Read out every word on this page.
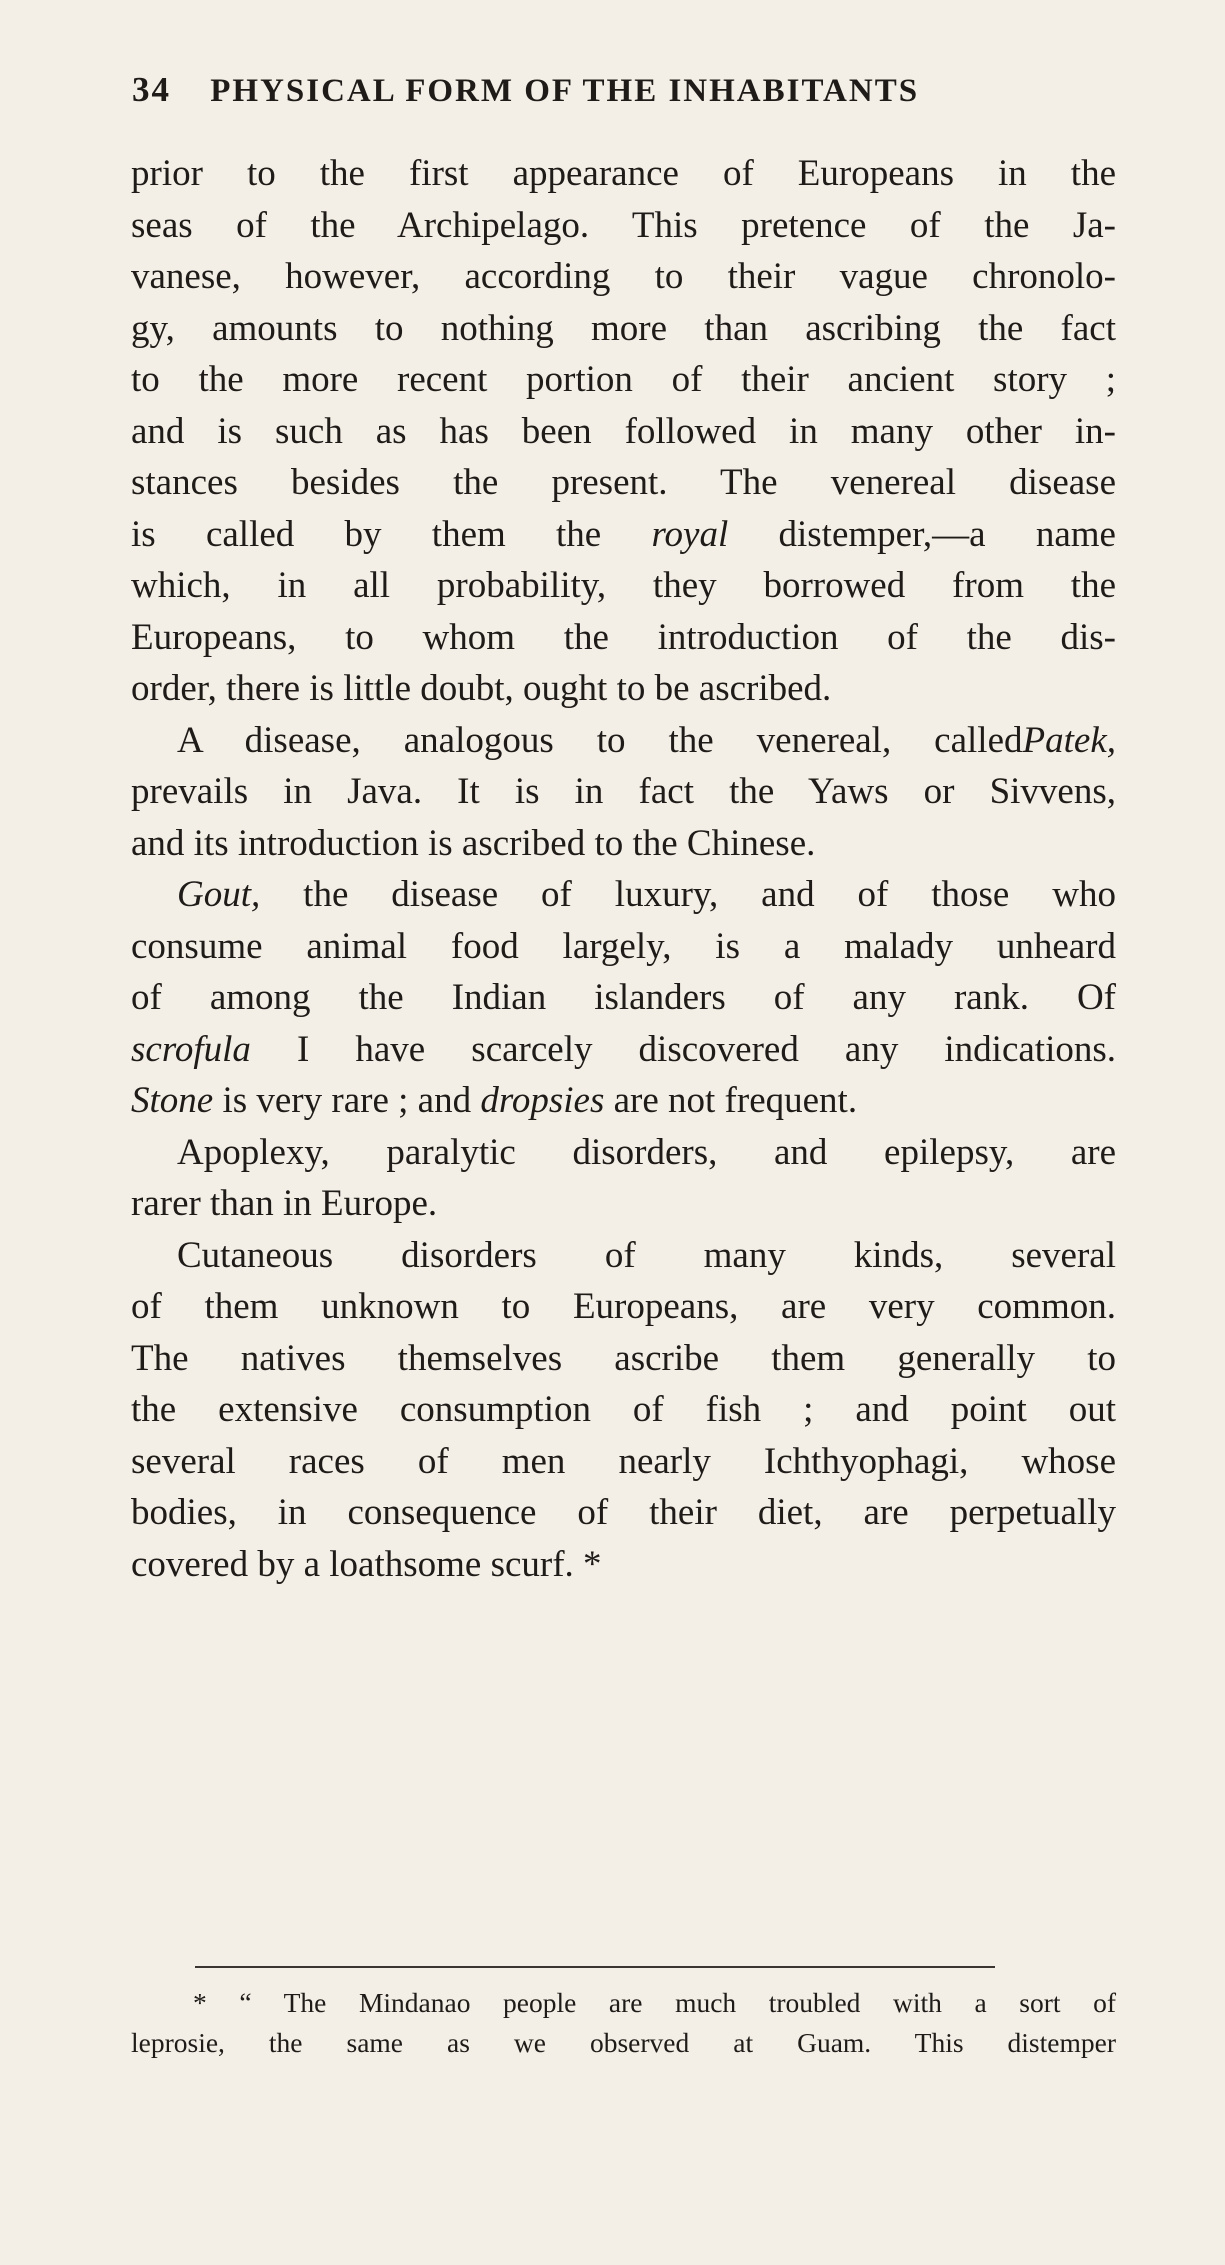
34 PHYSICAL FORM OF THE INHABITANTS
prior to the first appearance of Europeans in the
seas of the Archipelago. This pretence of the Ja-
vanese, however, according to their vague chronolo-
gy, amounts to nothing more than ascribing the fact
to the more recent portion of their ancient story ;
and is such as has been followed in many other in-
stances besides the present. The venereal disease
is called by them the royal distemper,—a name
which, in all probability, they borrowed from the
Europeans, to whom the introduction of the dis-
order, there is little doubt, ought to be ascribed.
A disease, analogous to the venereal, calledPatek,
prevails in Java. It is in fact the Yaws or Sivvens,
and its introduction is ascribed to the Chinese.
Gout, the disease of luxury, and of those who
consume animal food largely, is a malady unheard
of among the Indian islanders of any rank. Of
scrofula I have scarcely discovered any indications.
Stone is very rare ; and dropsies are not frequent.
Apoplexy, paralytic disorders, and epilepsy, are
rarer than in Europe.
Cutaneous disorders of many kinds, several
of them unknown to Europeans, are very common.
The natives themselves ascribe them generally to
the extensive consumption of fish ; and point out
several races of men nearly Ichthyophagi, whose
bodies, in consequence of their diet, are perpetually
covered by a loathsome scurf. *
* “ The Mindanao people are much troubled with a sort of
leprosie, the same as we observed at Guam. This distemper
